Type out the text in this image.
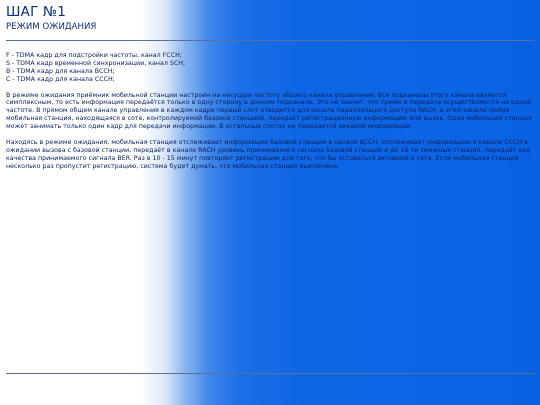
ШАГ №1
РЕЖИМ ОЖИДАНИЯ

F - TDMA кадр для подстройки частоты, канал FCCH;

S - TDMA кадр временной синхронизации, канал SCH;

B - TDMA кадр для канала BCCH;

C - TDMA кадр для канала CCCH;

В режиме ожидания приёмник мобильной станции настроен на несущую частоту общего канала управления. Все подканалы этого канала является симплексным, то есть информация передаётся только в одну сторону в донном подканале. Это не значит, что приём и передача осуществляются на одной частоте. В прямом общем канале управления в каждом кадре первый слот отводится для канала параллельного доступа RACH, в этом канале любая мобильная станция, находящаяся в соте, контролируемой базовой станцией, передаёт регистрационную информацию или вызов. Одна мобильная станция может занимать только один кадр для передачи информации. В остальных слотах не передается никакой информации.

Находясь в режиме ожидания, мобильная станция отслеживает информацию базовой станции в канале BCCH, отслеживает информацию о канале CCCH в ожидании вызова с базовой станции, передаёт в канале RACH уровень принимаемого сигнала базовой станции и до 16-ти смежных станций, передаёт код качества принимаемого сигнала BER. Раз в 10 - 15 минут повторяет регистрацию для того, что бы оставаться активной в сети. Если мобильная станция несколько раз пропустит регистрацию, система будет думать, что мобильная станция выключена.
